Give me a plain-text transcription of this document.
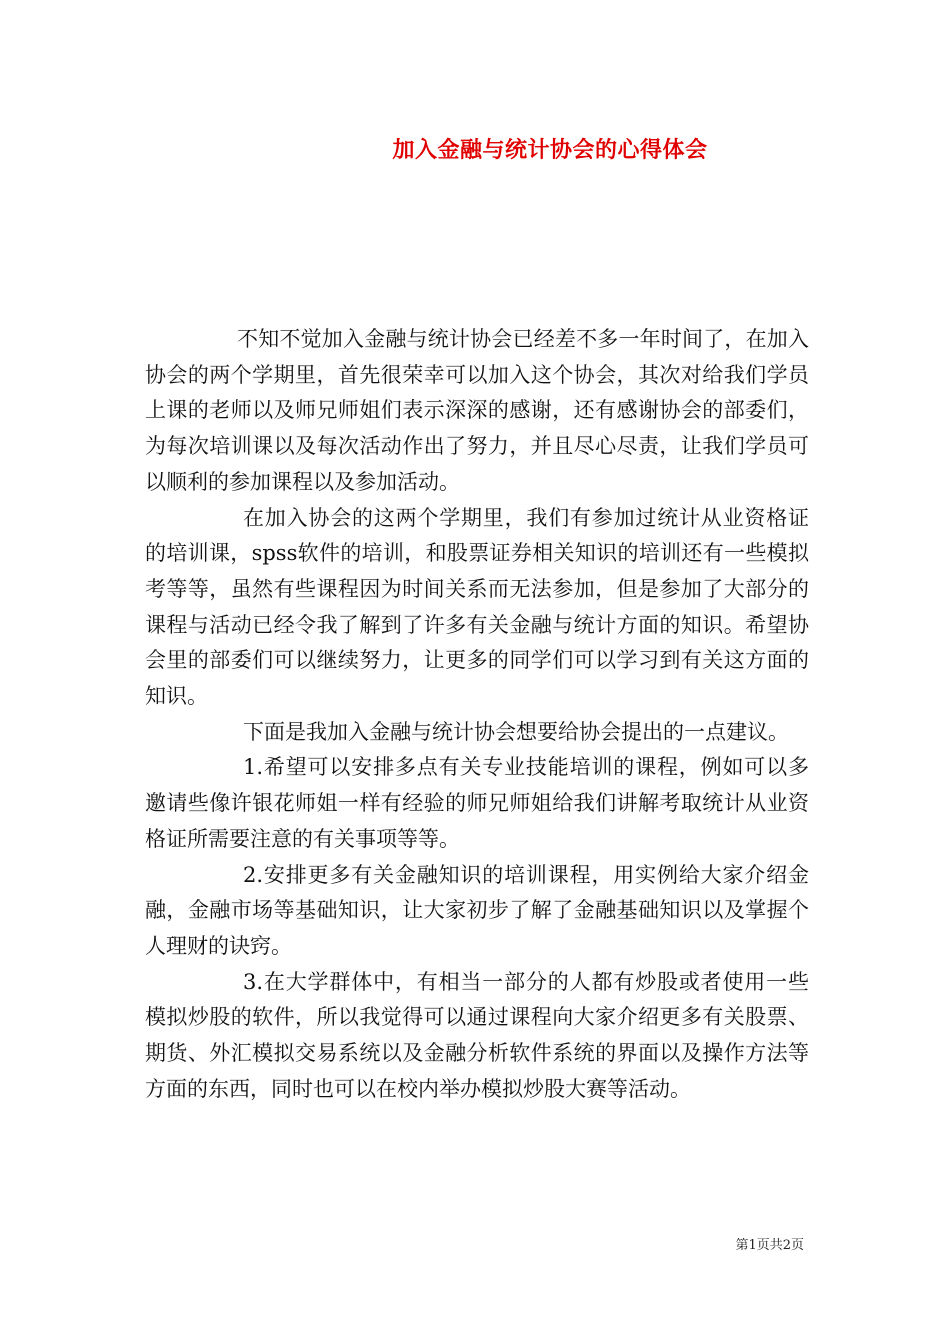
加入金融与统计协会的心得体会

不知不觉加入金融与统计协会已经差不多一年时间了，在加入协会的两个学期里，首先很荣幸可以加入这个协会，其次对给我们学员上课的老师以及师兄师姐们表示深深的感谢，还有感谢协会的部委们，为每次培训课以及每次活动作出了努力，并且尽心尽责，让我们学员可以顺利的参加课程以及参加活动。

在加入协会的这两个学期里，我们有参加过统计从业资格证的培训课，spss软件的培训，和股票证券相关知识的培训还有一些模拟考等等，虽然有些课程因为时间关系而无法参加，但是参加了大部分的课程与活动已经令我了解到了许多有关金融与统计方面的知识。希望协会里的部委们可以继续努力，让更多的同学们可以学习到有关这方面的知识。

下面是我加入金融与统计协会想要给协会提出的一点建议。

1.希望可以安排多点有关专业技能培训的课程，例如可以多邀请些像许银花师姐一样有经验的师兄师姐给我们讲解考取统计从业资格证所需要注意的有关事项等等。

2.安排更多有关金融知识的培训课程，用实例给大家介绍金融，金融市场等基础知识，让大家初步了解了金融基础知识以及掌握个人理财的诀窍。

3.在大学群体中，有相当一部分的人都有炒股或者使用一些模拟炒股的软件，所以我觉得可以通过课程向大家介绍更多有关股票、期货、外汇模拟交易系统以及金融分析软件系统的界面以及操作方法等方面的东西，同时也可以在校内举办模拟炒股大赛等活动。

第1页共2页
